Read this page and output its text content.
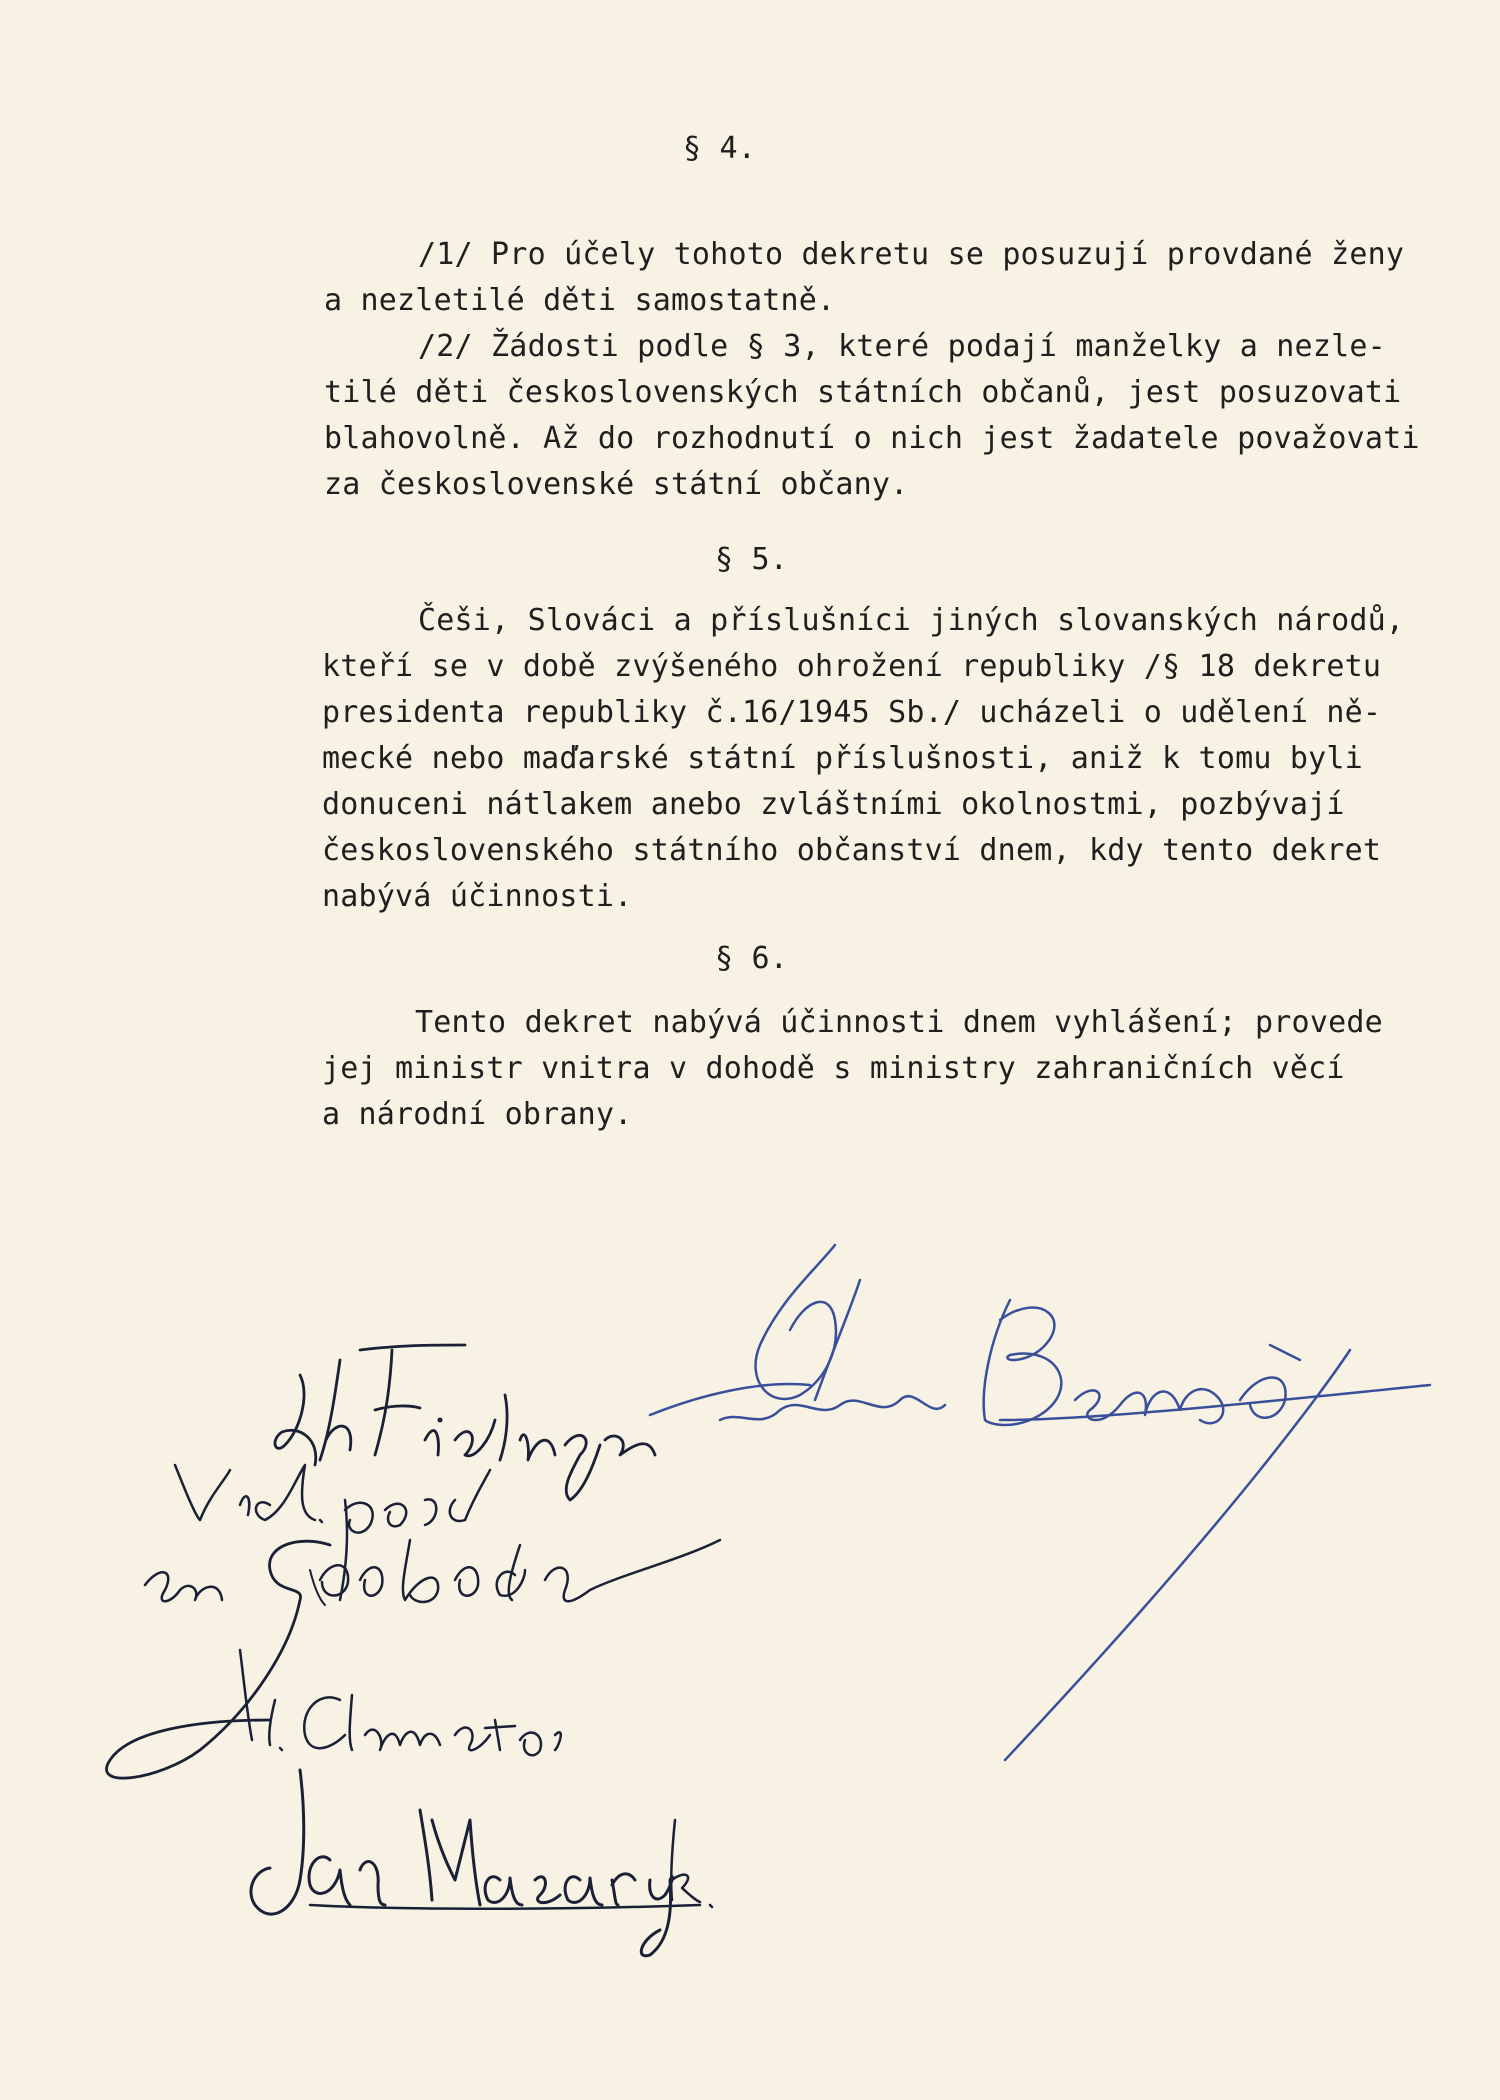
§ 4.
/1/ Pro účely tohoto dekretu se posuzují provdané ženy
a nezletilé děti samostatně.
/2/ Žádosti podle § 3, které podají manželky a nezle-
tilé děti československých státních občanů, jest posuzovati
blahovolně. Až do rozhodnutí o nich jest žadatele považovati
za československé státní občany.
§ 5.
Češi, Slováci a příslušníci jiných slovanských národů,
kteří se v době zvýšeného ohrožení republiky /§ 18 dekretu
presidenta republiky č.16/1945 Sb./ ucházeli o udělení ně-
mecké nebo maďarské státní příslušnosti, aniž k tomu byli
donuceni nátlakem anebo zvláštními okolnostmi, pozbývají
československého státního občanství dnem, kdy tento dekret
nabývá účinnosti.
§ 6.
Tento dekret nabývá účinnosti dnem vyhlášení; provede
jej ministr vnitra v dohodě s ministry zahraničních věcí
a národní obrany.
